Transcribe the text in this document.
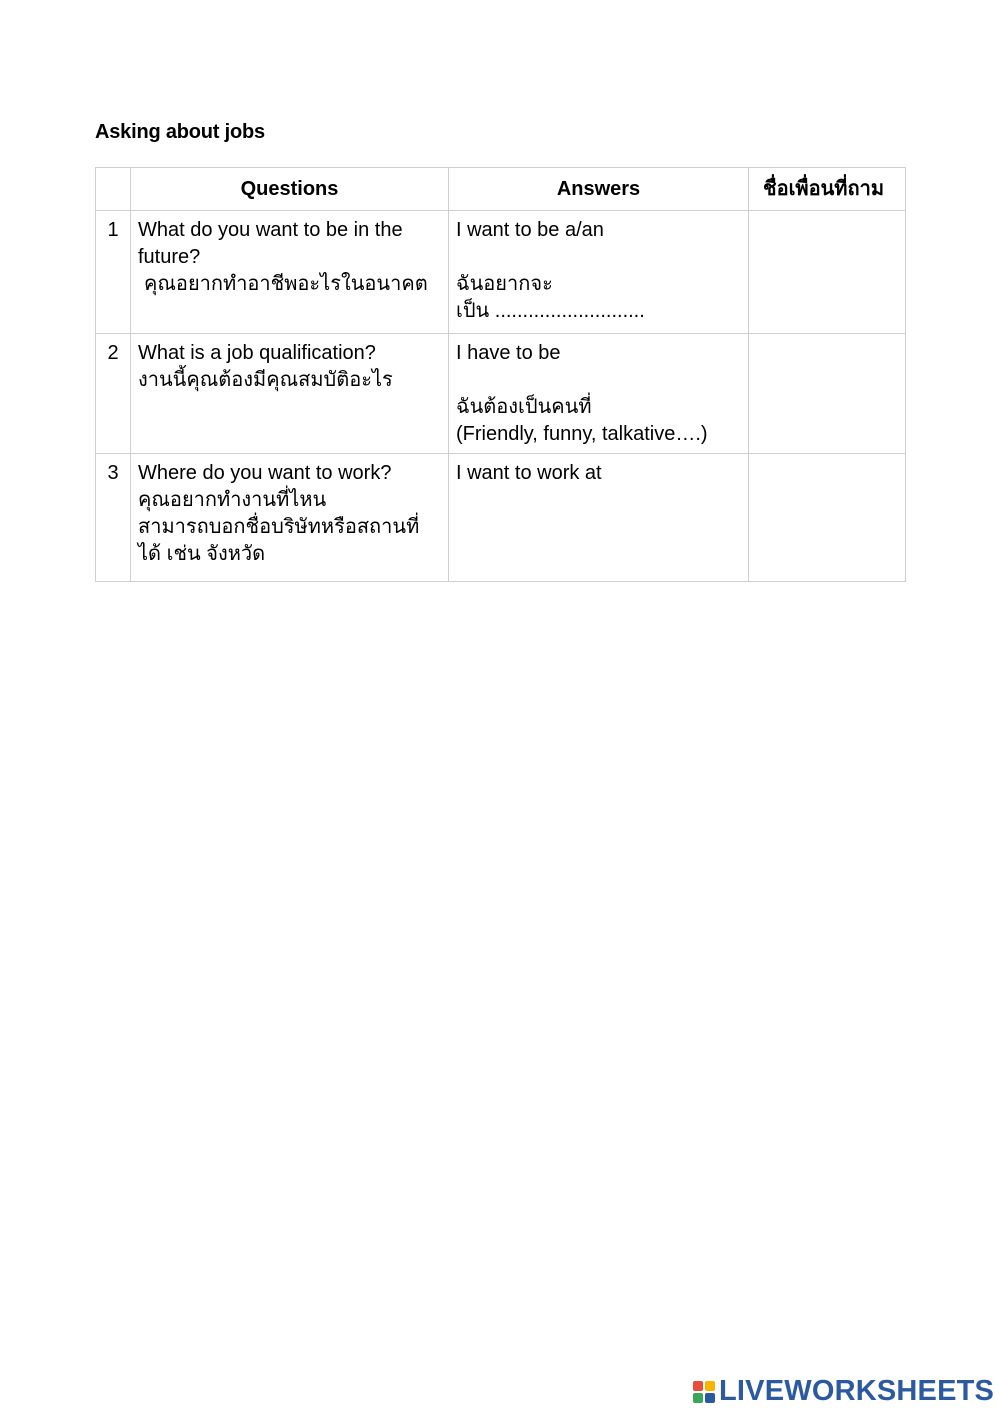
Asking about jobs
	Questions	Answers	ชื่อเพื่อนที่ถาม
1	What do you want to be in the
future?
คุณอยากทำอาชีพอะไรในอนาคต	I want to be a/an
ฉันอยากจะ
เป็น ...........................	

2	What is a job qualification?
งานนี้คุณต้องมีคุณสมบัติอะไร	I have to be
ฉันต้องเป็นคนที่
(Friendly, funny, talkative….)	

3	Where do you want to work?
คุณอยากทำงานที่ไหน
สามารถบอกชื่อบริษัทหรือสถานที่
ได้ เช่น จังหวัด	I want to work at	

LIVEWORKSHEETS
